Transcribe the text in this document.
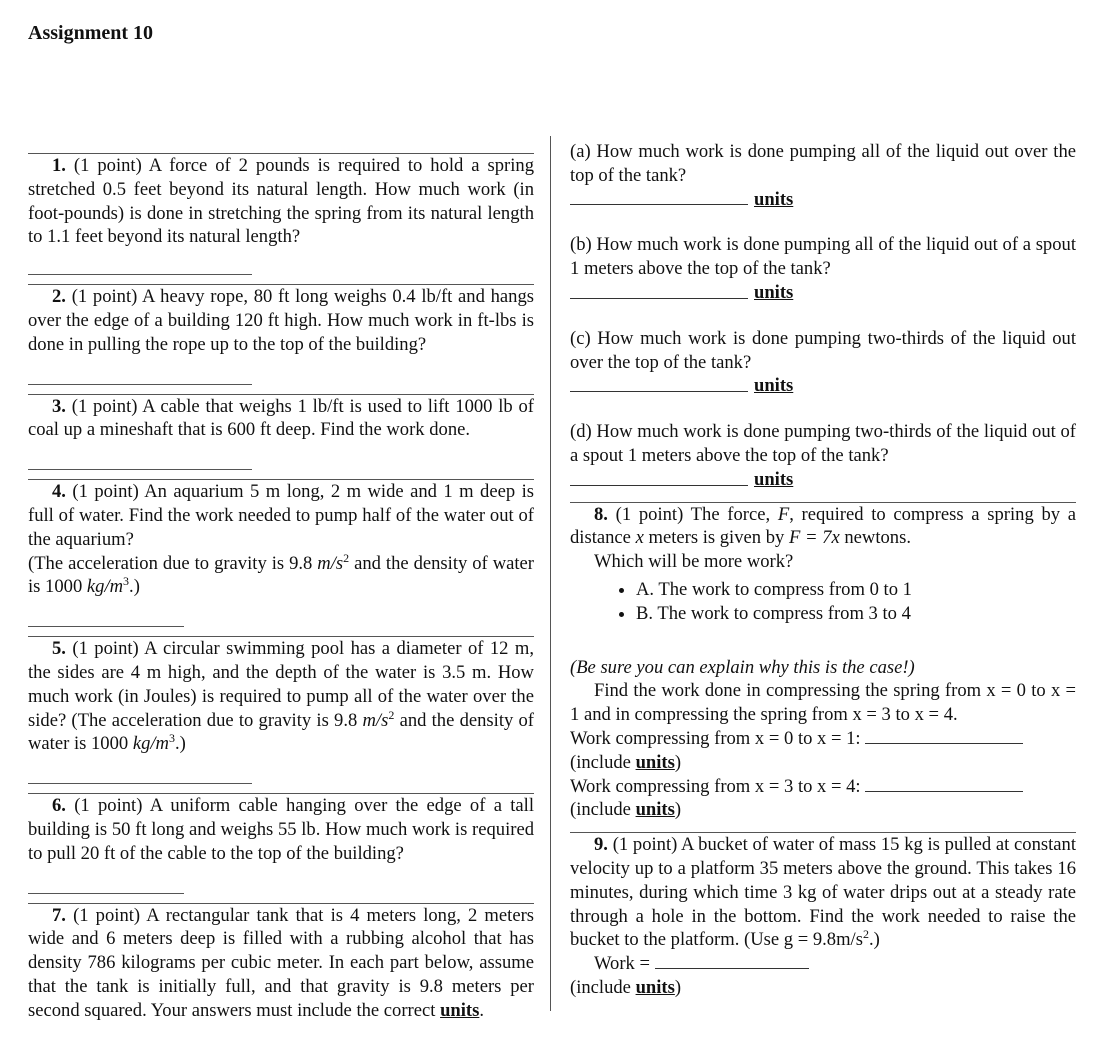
Assignment 10
1. (1 point) A force of 2 pounds is required to hold a spring stretched 0.5 feet beyond its natural length. How much work (in foot-pounds) is done in stretching the spring from its natural length to 1.1 feet beyond its natural length?
2. (1 point) A heavy rope, 80 ft long weighs 0.4 lb/ft and hangs over the edge of a building 120 ft high. How much work in ft-lbs is done in pulling the rope up to the top of the building?
3. (1 point) A cable that weighs 1 lb/ft is used to lift 1000 lb of coal up a mineshaft that is 600 ft deep. Find the work done.
4. (1 point) An aquarium 5 m long, 2 m wide and 1 m deep is full of water. Find the work needed to pump half of the water out of the aquarium?
(The acceleration due to gravity is 9.8 $m/s^2$ and the density of water is 1000 $kg/m^3$.)
5. (1 point) A circular swimming pool has a diameter of 12 m, the sides are 4 m high, and the depth of the water is 3.5 m. How much work (in Joules) is required to pump all of the water over the side? (The acceleration due to gravity is 9.8 $m/s^2$ and the density of water is 1000 $kg/m^3$.)
6. (1 point) A uniform cable hanging over the edge of a tall building is 50 ft long and weighs 55 lb. How much work is required to pull 20 ft of the cable to the top of the building?
7. (1 point) A rectangular tank that is 4 meters long, 2 meters wide and 6 meters deep is filled with a rubbing alcohol that has density 786 kilograms per cubic meter. In each part below, assume that the tank is initially full, and that gravity is 9.8 meters per second squared. Your answers must include the correct units.
(a) How much work is done pumping all of the liquid out over the top of the tank?
units
(b) How much work is done pumping all of the liquid out of a spout 1 meters above the top of the tank?
units
(c) How much work is done pumping two-thirds of the liquid out over the top of the tank?
units
(d) How much work is done pumping two-thirds of the liquid out of a spout 1 meters above the top of the tank?
units
8. (1 point) The force, F, required to compress a spring by a distance x meters is given by F = 7x newtons.
Which will be more work?
• A. The work to compress from 0 to 1
• B. The work to compress from 3 to 4
(Be sure you can explain why this is the case!)
Find the work done in compressing the spring from x = 0 to x = 1 and in compressing the spring from x = 3 to x = 4.
Work compressing from x = 0 to x = 1:
(include units)
Work compressing from x = 3 to x = 4:
(include units)
9. (1 point) A bucket of water of mass 15 kg is pulled at constant velocity up to a platform 35 meters above the ground. This takes 16 minutes, during which time 3 kg of water drips out at a steady rate through a hole in the bottom. Find the work needed to raise the bucket to the platform. (Use $g = 9.8m/s^2$.)
Work =
(include units)
